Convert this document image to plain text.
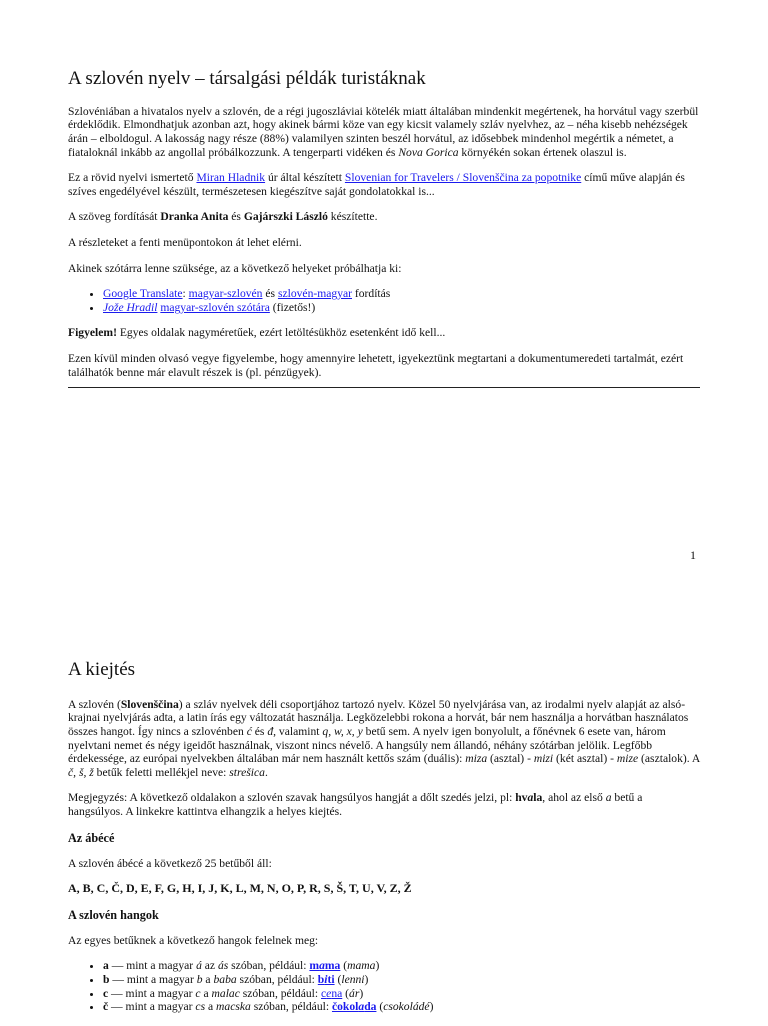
A szlovén nyelv – társalgási példák turistáknak

Szlovéniában a hivatalos nyelv a szlovén, de a régi jugoszláviai kötelék miatt általában mindenkit megértenek, ha horvátul vagy szerbül érdeklődik. Elmondhatjuk azonban azt, hogy akinek bármi köze van egy kicsit valamely szláv nyelvhez, az – néha kisebb nehézségek árán – elboldogul. A lakosság nagy része (88%) valamilyen szinten beszél horvátul, az idősebbek mindenhol megértik a németet, a fiataloknál inkább az angollal próbálkozzunk. A tengerparti vidéken és Nova Gorica környékén sokan értenek olaszul is.

Ez a rövid nyelvi ismertető Miran Hladnik úr által készített Slovenian for Travelers / Slovenščina za popotnike című műve alapján és szíves engedélyével készült, természetesen kiegészítve saját gondolatokkal is...

A szöveg fordítását Dranka Anita és Gajárszki László készítette.

A részleteket a fenti menüpontokon át lehet elérni.

Akinek szótárra lenne szüksége, az a következő helyeket próbálhatja ki:

• Google Translate: magyar-szlovén és szlovén-magyar fordítás
• Jože Hradil magyar-szlovén szótára (fizetős!)

Figyelem! Egyes oldalak nagyméretűek, ezért letöltésükhöz esetenként idő kell...

Ezen kívül minden olvasó vegye figyelembe, hogy amennyire lehetett, igyekeztünk megtartani a dokumentumeredeti tartalmát, ezért találhatók benne már elavult részek is (pl. pénzügyek).

1
A kiejtés

A szlovén (Slovenščina) a szláv nyelvek déli csoportjához tartozó nyelv. Közel 50 nyelvjárása van, az irodalmi nyelv alapját az alsó-krajnai nyelvjárás adta, a latin írás egy változatát használja. Legközelebbi rokona a horvát, bár nem használja a horvátban használatos összes hangot. Így nincs a szlovénben ć és đ, valamint q, w, x, y betű sem. A nyelv igen bonyolult, a főnévnek 6 esete van, három nyelvtani nemet és négy igeidőt használnak, viszont nincs névelő. A hangsúly nem állandó, néhány szótárban jelölik. Legfőbb érdekessége, az európai nyelvekben általában már nem használt kettős szám (duális): miza (asztal) - mizi (két asztal) - mize (asztalok). A č, š, ž betűk feletti mellékjel neve: strešica.

Megjegyzés: A következő oldalakon a szlovén szavak hangsúlyos hangját a dőlt szedés jelzi, pl: hvala, ahol az első a betű a hangsúlyos. A linkekre kattintva elhangzik a helyes kiejtés.

Az ábécé

A szlovén ábécé a következő 25 betűből áll:

A, B, C, Č, D, E, F, G, H, I, J, K, L, M, N, O, P, R, S, Š, T, U, V, Z, Ž

A szlovén hangok

Az egyes betűknek a következő hangok felelnek meg:

• a — mint a magyar á az ás szóban, például: mama (mama)
• b — mint a magyar b a baba szóban, például: biti (lenni)
• c — mint a magyar c a malac szóban, például: cena (ár)
• č — mint a magyar cs a macska szóban, például: čokolada (csokoládé)
